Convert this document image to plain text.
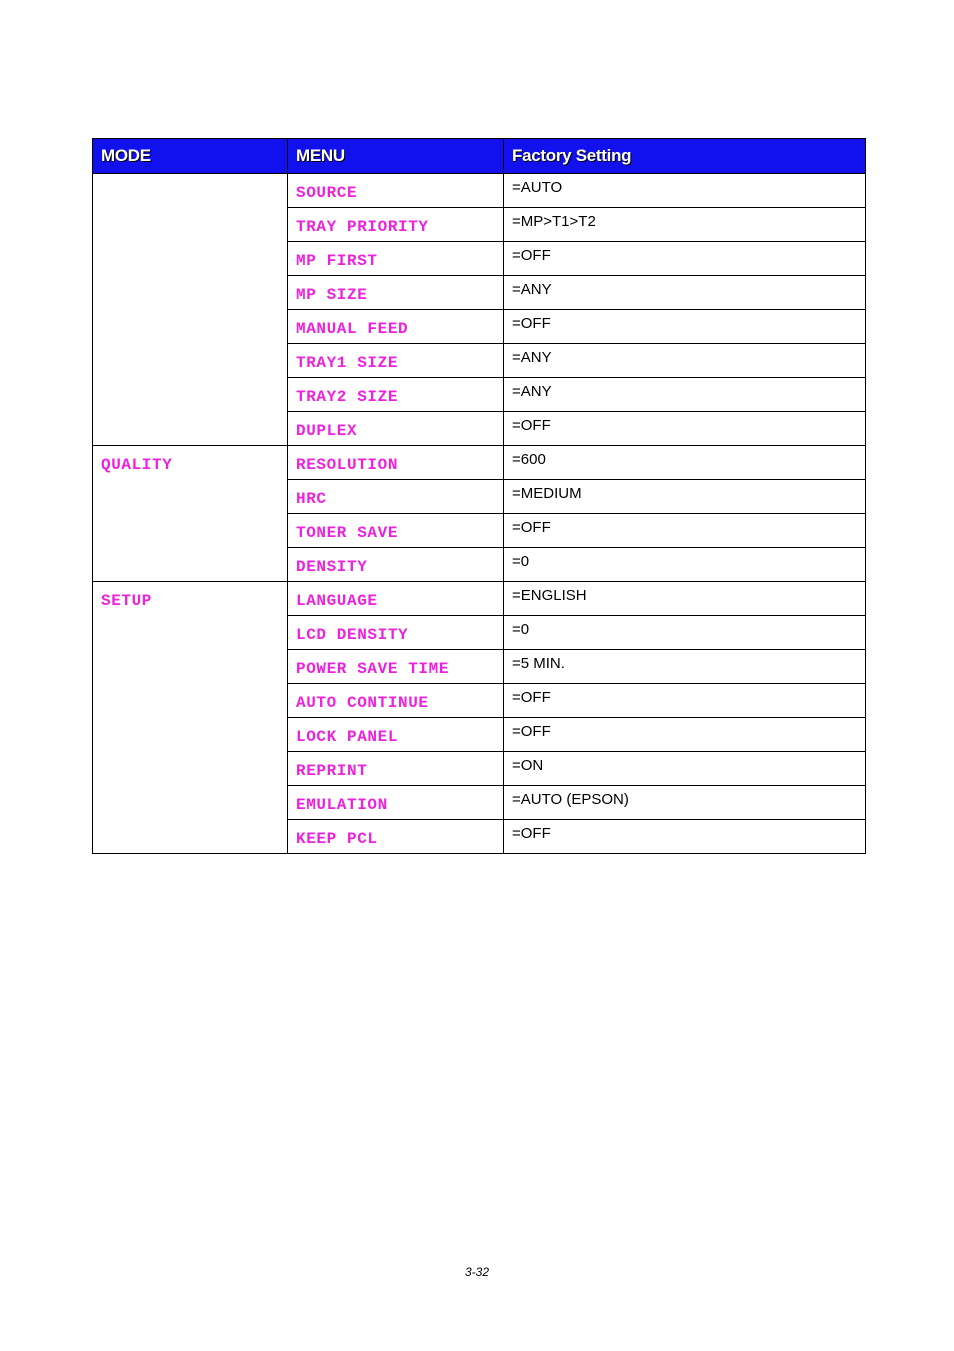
MODE	MENU	Factory Setting
	SOURCE	=AUTO
	TRAY PRIORITY	=MP>T1>T2
	MP FIRST	=OFF
	MP SIZE	=ANY
	MANUAL FEED	=OFF
	TRAY1 SIZE	=ANY
	TRAY2 SIZE	=ANY
	DUPLEX	=OFF
QUALITY	RESOLUTION	=600
	HRC	=MEDIUM
	TONER SAVE	=OFF
	DENSITY	=0
SETUP	LANGUAGE	=ENGLISH
	LCD DENSITY	=0
	POWER SAVE TIME	=5 MIN.
	AUTO CONTINUE	=OFF
	LOCK PANEL	=OFF
	REPRINT	=ON
	EMULATION	=AUTO (EPSON)
	KEEP PCL	=OFF
3-32
